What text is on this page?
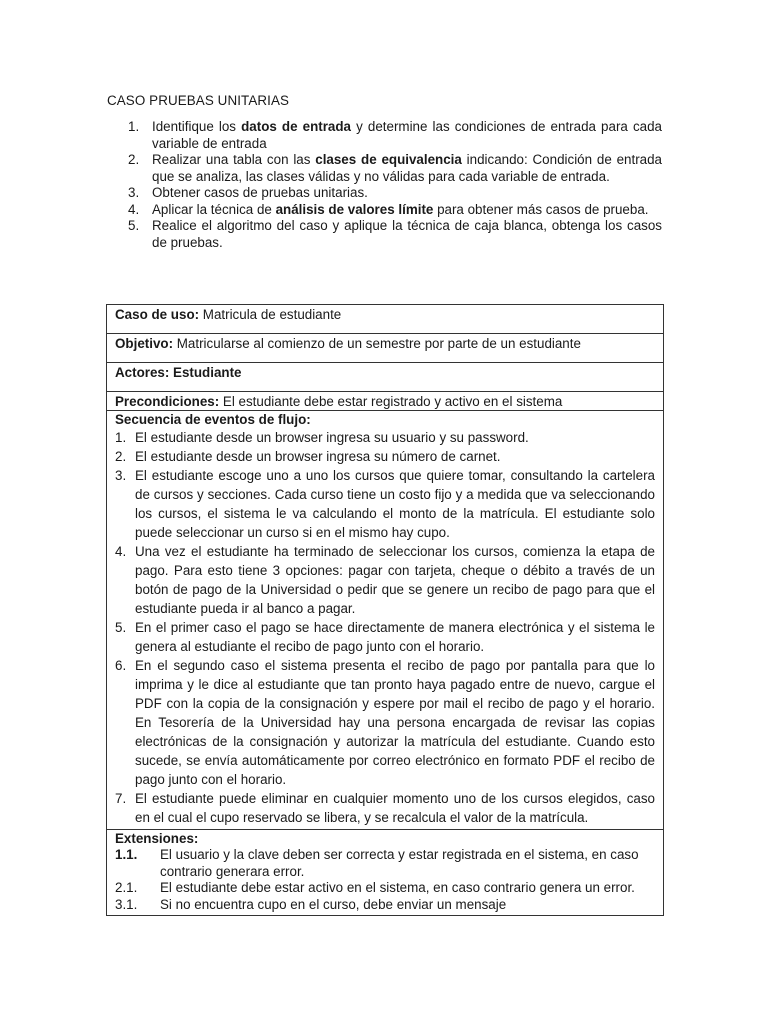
CASO PRUEBAS UNITARIAS
1. Identifique los datos de entrada y determine las condiciones de entrada para cada variable de entrada
2. Realizar una tabla con las clases de equivalencia indicando: Condición de entrada que se analiza, las clases válidas y no válidas para cada variable de entrada.
3. Obtener casos de pruebas unitarias.
4. Aplicar la técnica de análisis de valores límite para obtener más casos de prueba.
5. Realice el algoritmo del caso y aplique la técnica de caja blanca, obtenga los casos de pruebas.
Caso de uso: Matricula de estudiante
Objetivo: Matricularse al comienzo de un semestre por parte de un estudiante
Actores: Estudiante
Precondiciones: El estudiante debe estar registrado y activo en el sistema
Secuencia de eventos de flujo:
1. El estudiante desde un browser ingresa su usuario y su password.
2. El estudiante desde un browser ingresa su número de carnet.
3. El estudiante escoge uno a uno los cursos que quiere tomar, consultando la cartelera de cursos y secciones. Cada curso tiene un costo fijo y a medida que va seleccionando los cursos, el sistema le va calculando el monto de la matrícula. El estudiante solo puede seleccionar un curso si en el mismo hay cupo.
4. Una vez el estudiante ha terminado de seleccionar los cursos, comienza la etapa de pago. Para esto tiene 3 opciones: pagar con tarjeta, cheque o débito a través de un botón de pago de la Universidad o pedir que se genere un recibo de pago para que el estudiante pueda ir al banco a pagar.
5. En el primer caso el pago se hace directamente de manera electrónica y el sistema le genera al estudiante el recibo de pago junto con el horario.
6. En el segundo caso el sistema presenta el recibo de pago por pantalla para que lo imprima y le dice al estudiante que tan pronto haya pagado entre de nuevo, cargue el PDF con la copia de la consignación y espere por mail el recibo de pago y el horario. En Tesorería de la Universidad hay una persona encargada de revisar las copias electrónicas de la consignación y autorizar la matrícula del estudiante. Cuando esto sucede, se envía automáticamente por correo electrónico en formato PDF el recibo de pago junto con el horario.
7. El estudiante puede eliminar en cualquier momento uno de los cursos elegidos, caso en el cual el cupo reservado se libera, y se recalcula el valor de la matrícula.
Extensiones:
1.1. El usuario y la clave deben ser correcta y estar registrada en el sistema, en caso contrario generara error.
2.1. El estudiante debe estar activo en el sistema, en caso contrario genera un error.
3.1. Si no encuentra cupo en el curso, debe enviar un mensaje
